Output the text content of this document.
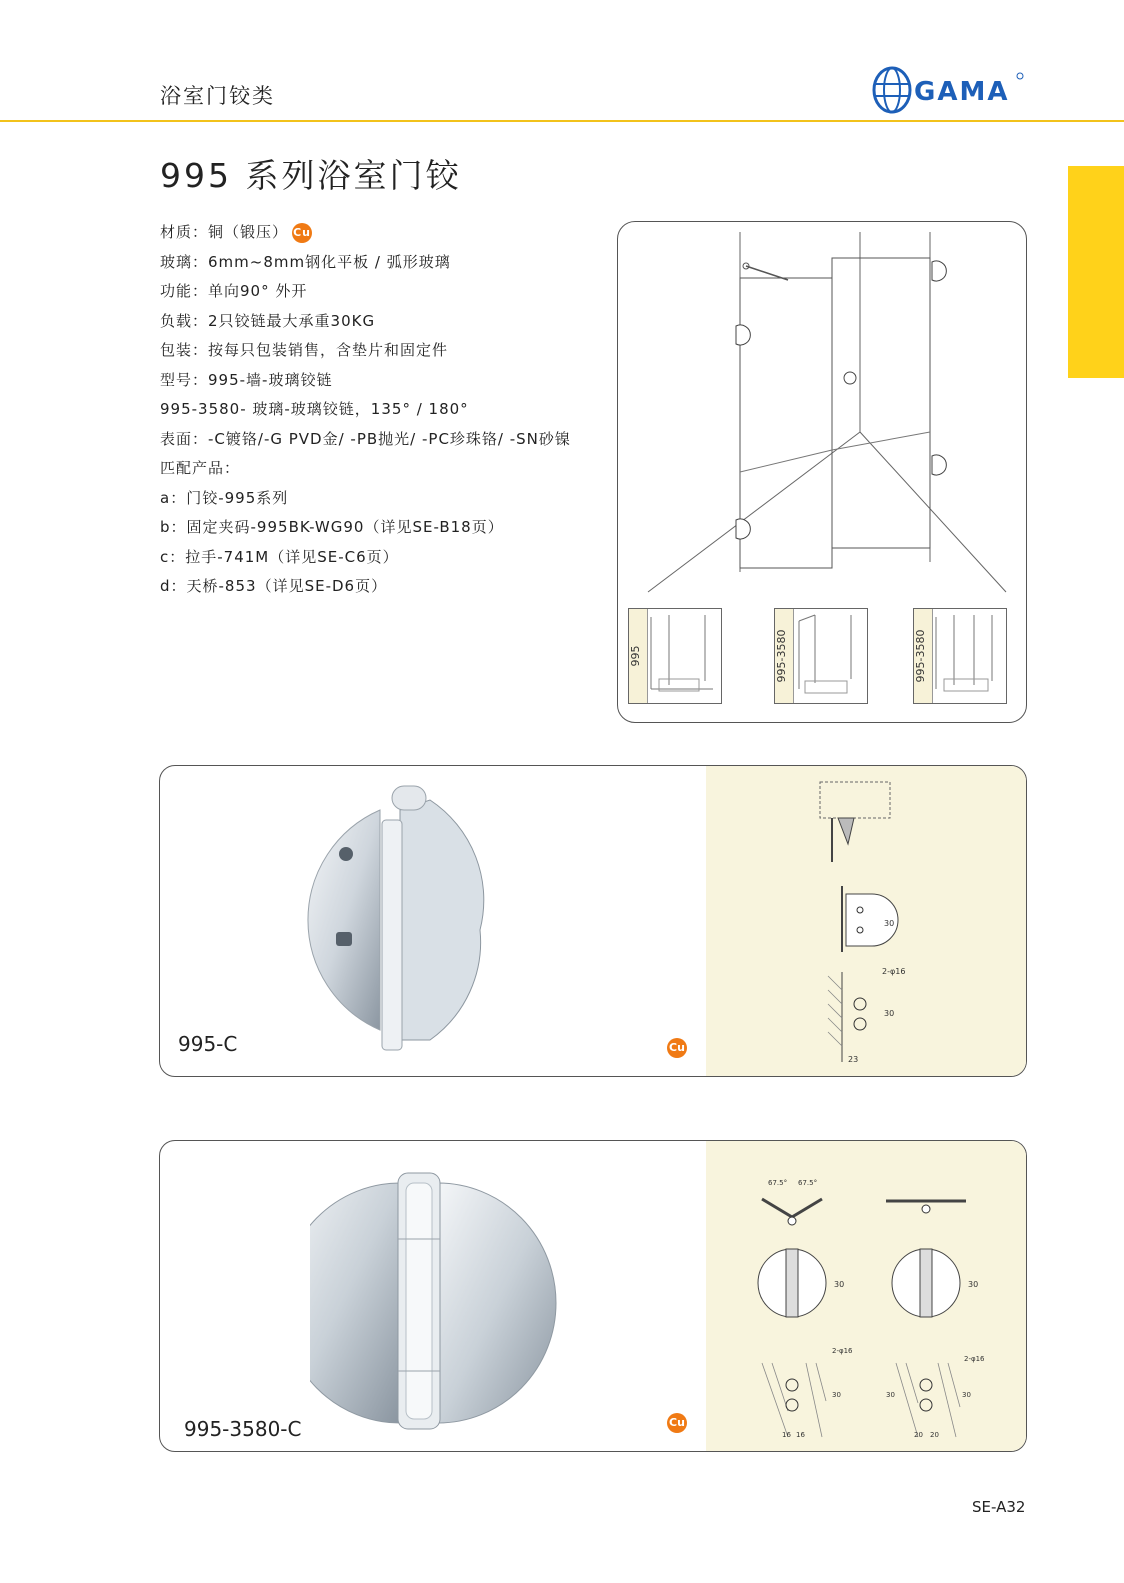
浴室门铰类	GAMA
995 系列浴室门铰
材质：铜（锻压） Cu
玻璃：6mm~8mm钢化平板 / 弧形玻璃
功能：单向90° 外开
负载：2只铰链最大承重30KG
包装：按每只包装销售，含垫片和固定件
型号：995-墙-玻璃铰链
995-3580- 玻璃-玻璃铰链，135° / 180°
表面：-C镀铬/-G PVD金/ -PB抛光/ -PC珍珠铬/ -SN砂镍
匹配产品：
a：门铰-995系列
b：固定夹码-995BK-WG90（详见SE-B18页）
c：拉手-741M（详见SE-C6页）
d：天桥-853（详见SE-D6页）
995	995-3580	995-3580
30
2-φ16
30
23
995-C	Cu
67.5° 67.5°
30	30
2-φ16
2-φ16
30	30	30
16 16	20 20
995-3580-C	Cu
SE-A32
